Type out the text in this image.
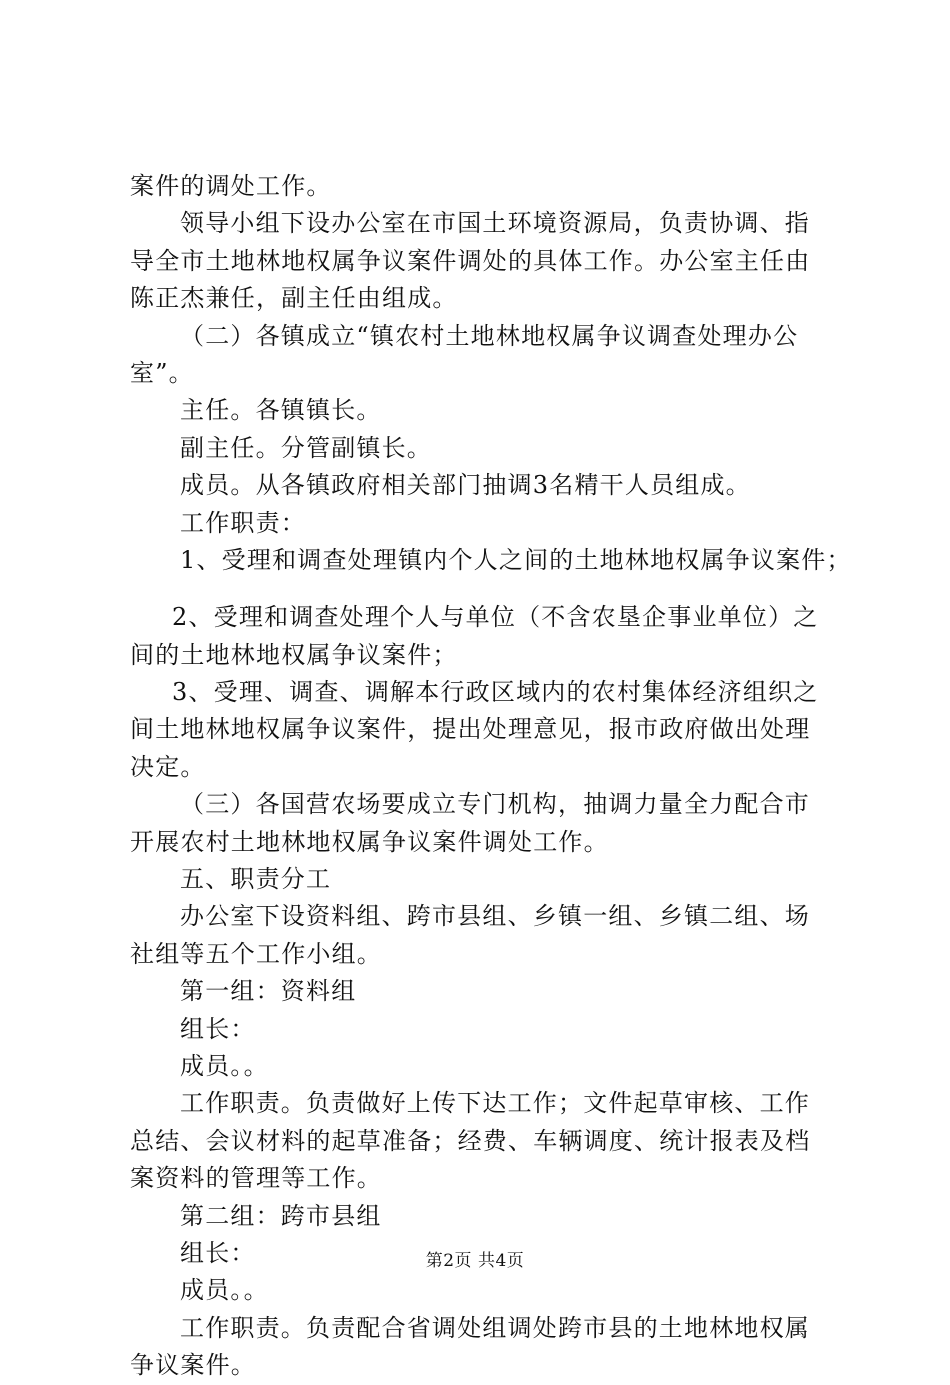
案件的调处工作。
领导小组下设办公室在市国土环境资源局，负责协调、指
导全市土地林地权属争议案件调处的具体工作。办公室主任由
陈正杰兼任，副主任由组成。
（二）各镇成立“镇农村土地林地权属争议调查处理办公
室”。
主任。各镇镇长。
副主任。分管副镇长。
成员。从各镇政府相关部门抽调3名精干人员组成。
工作职责：
1、受理和调查处理镇内个人之间的土地林地权属争议案件；
2、受理和调查处理个人与单位（不含农垦企事业单位）之
间的土地林地权属争议案件；
3、受理、调查、调解本行政区域内的农村集体经济组织之
间土地林地权属争议案件，提出处理意见，报市政府做出处理
决定。
（三）各国营农场要成立专门机构，抽调力量全力配合市
开展农村土地林地权属争议案件调处工作。
五、职责分工
办公室下设资料组、跨市县组、乡镇一组、乡镇二组、场
社组等五个工作小组。
第一组：资料组
组长：
成员。。
工作职责。负责做好上传下达工作；文件起草审核、工作
总结、会议材料的起草准备；经费、车辆调度、统计报表及档
案资料的管理等工作。
第二组：跨市县组
组长：
成员。。
工作职责。负责配合省调处组调处跨市县的土地林地权属
争议案件。
第2页 共4页
